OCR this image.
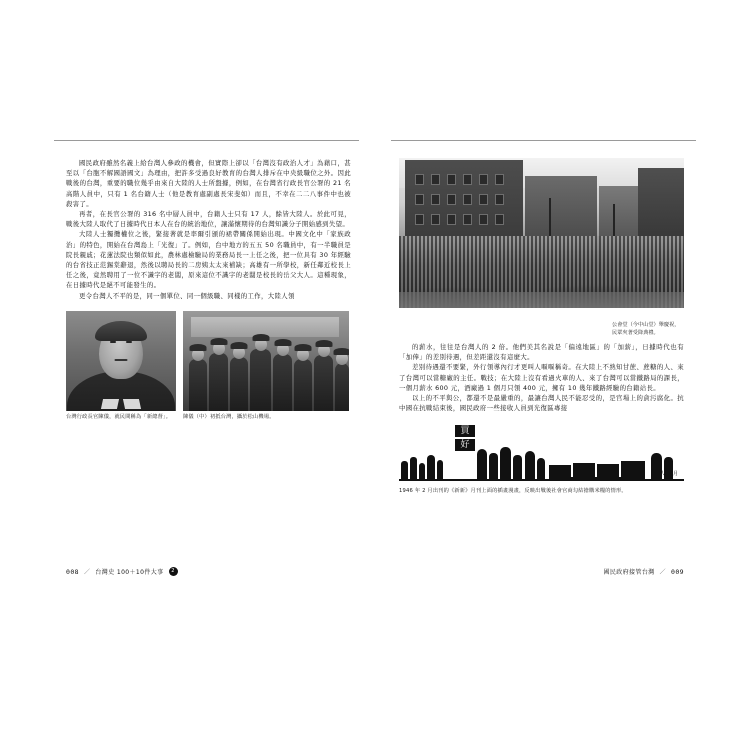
國民政府雖然名義上給台灣人參政的機會，但實際上卻以「台灣沒有政治人才」為藉口，甚至以「台胞不解國語國文」為理由，把許多受過良好教育的台灣人排斥在中央級職位之外。因此戰後的台灣，重要的職位幾乎由來自大陸的人士所盤據，例如，在台灣省行政長官公署的 21 名高階人員中，只有 1 名台籍人士（他是教育處副處長宋斐如）而且，不幸在二二八事件中也被殺害了。

再者，在長官公署的 316 名中層人員中，台籍人士只有 17 人，餘皆大陸人。於此可見，戰後大陸人取代了日據時代日本人在台的統治地位，讓滿懷期待的台灣知識分子開始感到失望。

大陸人士獨攬權位之後，緊接著就是率爾引頒的裙帶關係開始出現。中國文化中「家族政治」的特色，開始在台灣島上「光復」了。例如，台中地方的五五 50 名職員中，有一半職員是院長親戚；花蓮法院也類似如此，農林處檢驗局的業務局長一上任之後，把一位具有 30 年經驗的台省技正范錫棠辭退，然後以聘局長的二房姨太太來補缺；高雄有一所學校，新任鄰近校長上任之後，竟然聘用了一位不識字的老闆，原來這位不識字的老闆是校長的岳父大人。這種現象，在日據時代是絕不可能發生的。

更令台灣人不平的是，同一個單位、同一個級職、同樣的工作，大陸人領

台灣行政長官陳儀，就民間稱為「新總督」。	陳儀（中）初抵台灣，攝於松山機場。
008 ／ 台灣史 100＋10件大事	2
公會堂（今中山堂）舉慶祝，民眾夾著受降典禮。

的薪水，往往是台灣人的 2 倍。他們美其名說是「偏遠地區」的「加薪」，日據時代也有「加俸」的差別待遇，但差距還沒有這麼大。

差別待遇還不要緊，外行領導內行才更叫人嘔嘔稱奇。在大陸上不熟知甘蔗、蔗糖的人、來了台灣可以當糖廠的主任。戰技；在大陸上沒有看過火車的人、來了台灣可以當鐵路局的課長，一個月薪水 600 元，酒廠過 1 個月只領 400 元，擁有 10 幾年鐵路經驗的台籍站長。

以上的不平與公，都還不是最嚴重的，最讓台灣人民不能忍受的，是官場上的貪污腐化。抗中國在抗戰結束後，國民政府一些接收人員到光復區專接

買
好
人．4月
1946 年 2 月出刊的《新新》月刊上面的插畫漫畫，反映出戰後社會官商勾結搶購米糧的情形。
國民政府接管台灣 ／ 009
